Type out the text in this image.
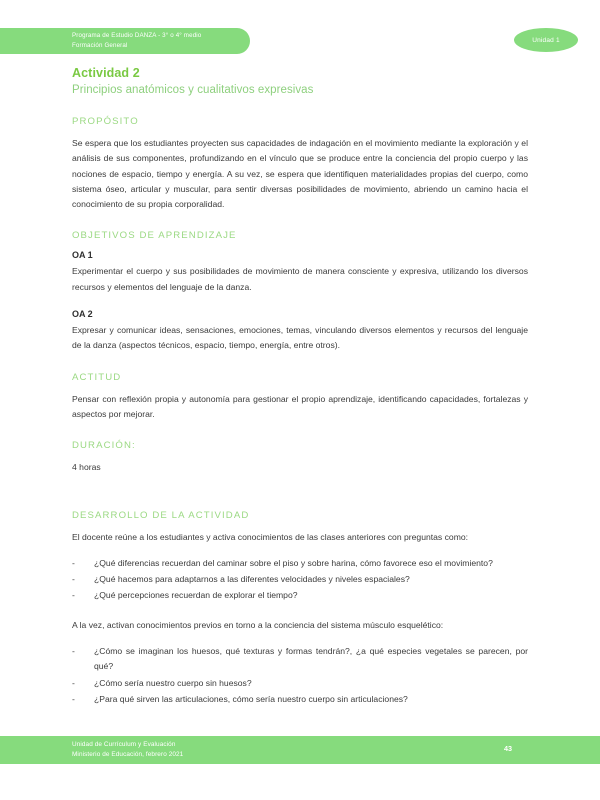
Programa de Estudio DANZA - 3° o 4° medio
Formación General
Unidad 1
Actividad 2
Principios anatómicos y cualitativos expresivas
PROPÓSITO

Se espera que los estudiantes proyecten sus capacidades de indagación en el movimiento mediante la exploración y el análisis de sus componentes, profundizando en el vínculo que se produce entre la conciencia del propio cuerpo y las nociones de espacio, tiempo y energía. A su vez, se espera que identifiquen materialidades propias del cuerpo, como sistema óseo, articular y muscular, para sentir diversas posibilidades de movimiento, abriendo un camino hacia el conocimiento de su propia corporalidad.

OBJETIVOS DE APRENDIZAJE
OA 1

Experimentar el cuerpo y sus posibilidades de movimiento de manera consciente y expresiva, utilizando los diversos recursos y elementos del lenguaje de la danza.

OA 2

Expresar y comunicar ideas, sensaciones, emociones, temas, vinculando diversos elementos y recursos del lenguaje de la danza (aspectos técnicos, espacio, tiempo, energía, entre otros).

ACTITUD

Pensar con reflexión propia y autonomía para gestionar el propio aprendizaje, identificando capacidades, fortalezas y aspectos por mejorar.

DURACIÓN:

4 horas

DESARROLLO DE LA ACTIVIDAD

El docente reúne a los estudiantes y activa conocimientos de las clases anteriores con preguntas como:

-	¿Qué diferencias recuerdan del caminar sobre el piso y sobre harina, cómo favorece eso el movimiento?
-	¿Qué hacemos para adaptarnos a las diferentes velocidades y niveles espaciales?
-	¿Qué percepciones recuerdan de explorar el tiempo?

A la vez, activan conocimientos previos en torno a la conciencia del sistema músculo esquelético:

-	¿Cómo se imaginan los huesos, qué texturas y formas tendrán?, ¿a qué especies vegetales se parecen, por qué?
-	¿Cómo sería nuestro cuerpo sin huesos?
-	¿Para qué sirven las articulaciones, cómo sería nuestro cuerpo sin articulaciones?
Unidad de Currículum y Evaluación
Ministerio de Educación, febrero 2021
43
